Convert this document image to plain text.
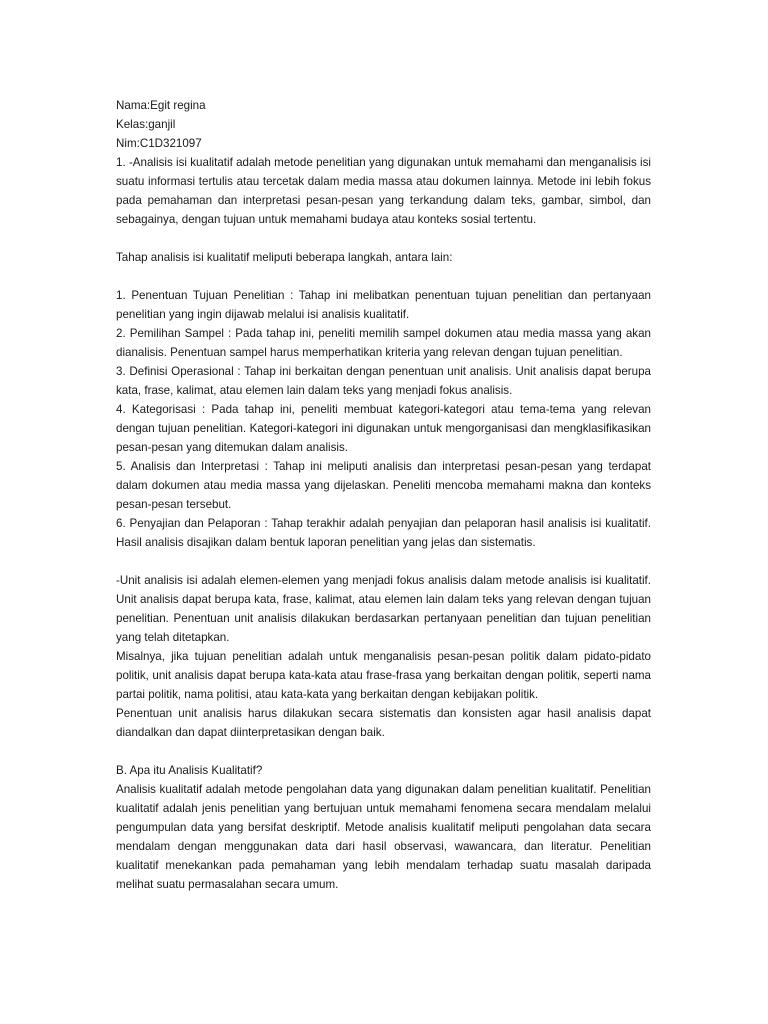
Nama:Egit regina

Kelas:ganjil

Nim:C1D321097

1. -Analisis isi kualitatif adalah metode penelitian yang digunakan untuk memahami dan menganalisis isi suatu informasi tertulis atau tercetak dalam media massa atau dokumen lainnya. Metode ini lebih fokus pada pemahaman dan interpretasi pesan-pesan yang terkandung dalam teks, gambar, simbol, dan sebagainya, dengan tujuan untuk memahami budaya atau konteks sosial tertentu.

Tahap analisis isi kualitatif meliputi beberapa langkah, antara lain:

1. Penentuan Tujuan Penelitian : Tahap ini melibatkan penentuan tujuan penelitian dan pertanyaan penelitian yang ingin dijawab melalui isi analisis kualitatif.

2. Pemilihan Sampel : Pada tahap ini, peneliti memilih sampel dokumen atau media massa yang akan dianalisis. Penentuan sampel harus memperhatikan kriteria yang relevan dengan tujuan penelitian.

3. Definisi Operasional : Tahap ini berkaitan dengan penentuan unit analisis. Unit analisis dapat berupa kata, frase, kalimat, atau elemen lain dalam teks yang menjadi fokus analisis.

4. Kategorisasi : Pada tahap ini, peneliti membuat kategori-kategori atau tema-tema yang relevan dengan tujuan penelitian. Kategori-kategori ini digunakan untuk mengorganisasi dan mengklasifikasikan pesan-pesan yang ditemukan dalam analisis.

5. Analisis dan Interpretasi : Tahap ini meliputi analisis dan interpretasi pesan-pesan yang terdapat dalam dokumen atau media massa yang dijelaskan. Peneliti mencoba memahami makna dan konteks pesan-pesan tersebut.

6. Penyajian dan Pelaporan : Tahap terakhir adalah penyajian dan pelaporan hasil analisis isi kualitatif. Hasil analisis disajikan dalam bentuk laporan penelitian yang jelas dan sistematis.

-Unit analisis isi adalah elemen-elemen yang menjadi fokus analisis dalam metode analisis isi kualitatif. Unit analisis dapat berupa kata, frase, kalimat, atau elemen lain dalam teks yang relevan dengan tujuan penelitian. Penentuan unit analisis dilakukan berdasarkan pertanyaan penelitian dan tujuan penelitian yang telah ditetapkan.

Misalnya, jika tujuan penelitian adalah untuk menganalisis pesan-pesan politik dalam pidato-pidato politik, unit analisis dapat berupa kata-kata atau frase-frasa yang berkaitan dengan politik, seperti nama partai politik, nama politisi, atau kata-kata yang berkaitan dengan kebijakan politik.

Penentuan unit analisis harus dilakukan secara sistematis dan konsisten agar hasil analisis dapat diandalkan dan dapat diinterpretasikan dengan baik.

B. Apa itu Analisis Kualitatif?

Analisis kualitatif adalah metode pengolahan data yang digunakan dalam penelitian kualitatif. Penelitian kualitatif adalah jenis penelitian yang bertujuan untuk memahami fenomena secara mendalam melalui pengumpulan data yang bersifat deskriptif. Metode analisis kualitatif meliputi pengolahan data secara mendalam dengan menggunakan data dari hasil observasi, wawancara, dan literatur. Penelitian kualitatif menekankan pada pemahaman yang lebih mendalam terhadap suatu masalah daripada melihat suatu permasalahan secara umum.
